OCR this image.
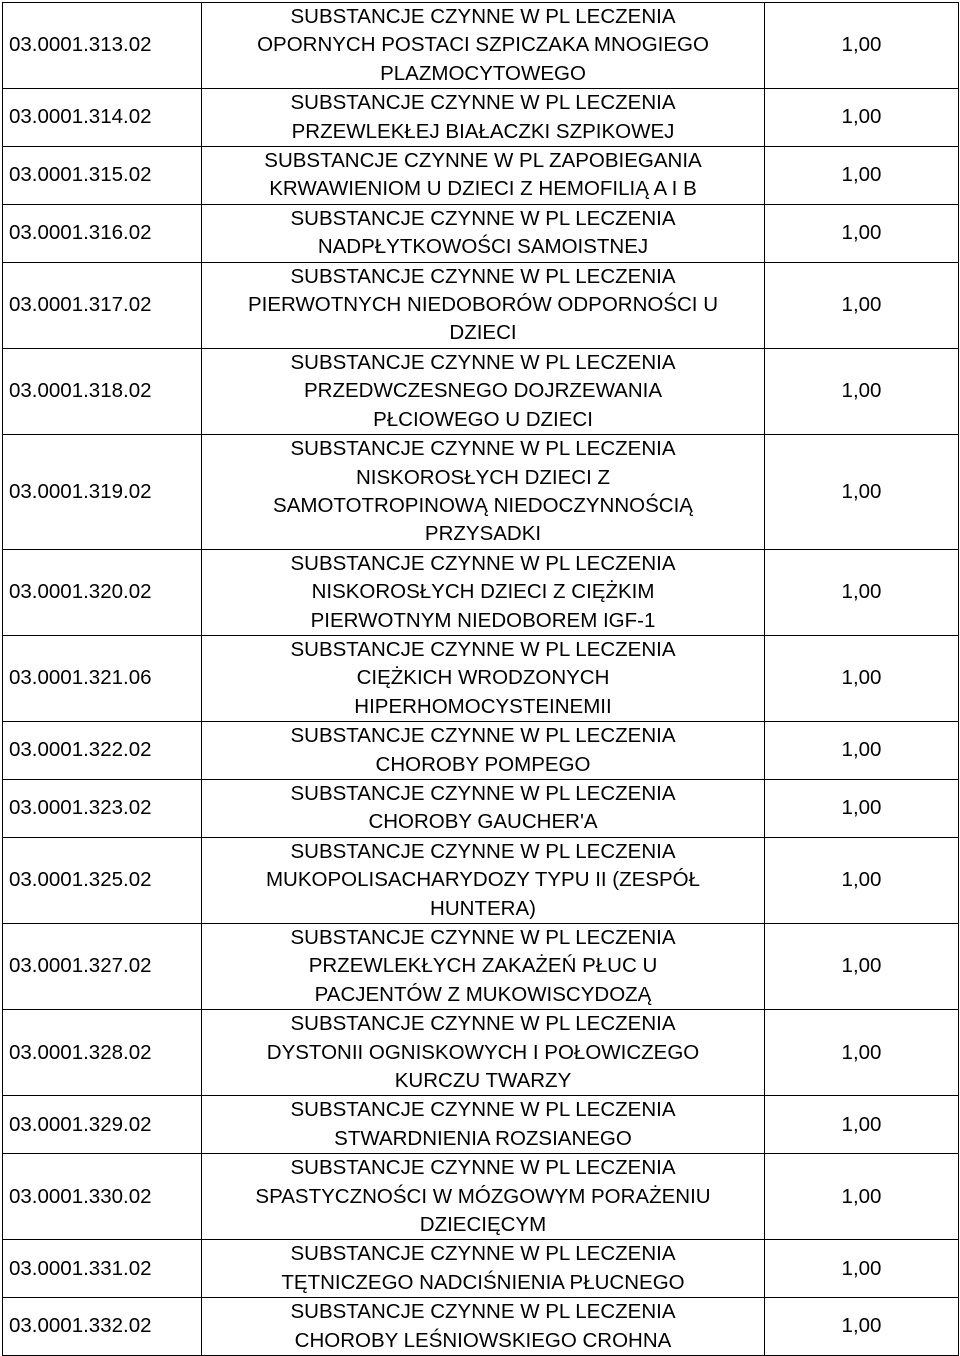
03.0001.313.02	SUBSTANCJE CZYNNE W PL LECZENIA
OPORNYCH POSTACI SZPICZAKA MNOGIEGO
PLAZMOCYTOWEGO	1,00
03.0001.314.02	SUBSTANCJE CZYNNE W PL LECZENIA
PRZEWLEKŁEJ BIAŁACZKI SZPIKOWEJ	1,00
03.0001.315.02	SUBSTANCJE CZYNNE W PL ZAPOBIEGANIA
KRWAWIENIOM U DZIECI Z HEMOFILIĄ A I B	1,00
03.0001.316.02	SUBSTANCJE CZYNNE W PL LECZENIA
NADPŁYTKOWOŚCI SAMOISTNEJ	1,00
03.0001.317.02	SUBSTANCJE CZYNNE W PL LECZENIA
PIERWOTNYCH NIEDOBORÓW ODPORNOŚCI U
DZIECI	1,00
03.0001.318.02	SUBSTANCJE CZYNNE W PL LECZENIA
PRZEDWCZESNEGO DOJRZEWANIA
PŁCIOWEGO U DZIECI	1,00
03.0001.319.02	SUBSTANCJE CZYNNE W PL LECZENIA
NISKOROSŁYCH DZIECI Z
SAMOTOTROPINOWĄ NIEDOCZYNNOŚCIĄ
PRZYSADKI	1,00
03.0001.320.02	SUBSTANCJE CZYNNE W PL LECZENIA
NISKOROSŁYCH DZIECI Z CIĘŻKIM
PIERWOTNYM NIEDOBOREM IGF-1	1,00
03.0001.321.06	SUBSTANCJE CZYNNE W PL LECZENIA
CIĘŻKICH WRODZONYCH
HIPERHOMOCYSTEINEMII	1,00
03.0001.322.02	SUBSTANCJE CZYNNE W PL LECZENIA
CHOROBY POMPEGO	1,00
03.0001.323.02	SUBSTANCJE CZYNNE W PL LECZENIA
CHOROBY GAUCHER'A	1,00
03.0001.325.02	SUBSTANCJE CZYNNE W PL LECZENIA
MUKOPOLISACHARYDOZY TYPU II (ZESPÓŁ
HUNTERA)	1,00
03.0001.327.02	SUBSTANCJE CZYNNE W PL LECZENIA
PRZEWLEKŁYCH ZAKAŻEŃ PŁUC U
PACJENTÓW Z MUKOWISCYDOZĄ	1,00
03.0001.328.02	SUBSTANCJE CZYNNE W PL LECZENIA
DYSTONII OGNISKOWYCH I POŁOWICZEGO
KURCZU TWARZY	1,00
03.0001.329.02	SUBSTANCJE CZYNNE W PL LECZENIA
STWARDNIENIA ROZSIANEGO	1,00
03.0001.330.02	SUBSTANCJE CZYNNE W PL LECZENIA
SPASTYCZNOŚCI W MÓZGOWYM PORAŻENIU
DZIECIĘCYM	1,00
03.0001.331.02	SUBSTANCJE CZYNNE W PL LECZENIA
TĘTNICZEGO NADCIŚNIENIA PŁUCNEGO	1,00
03.0001.332.02	SUBSTANCJE CZYNNE W PL LECZENIA
CHOROBY LEŚNIOWSKIEGO CROHNA	1,00
